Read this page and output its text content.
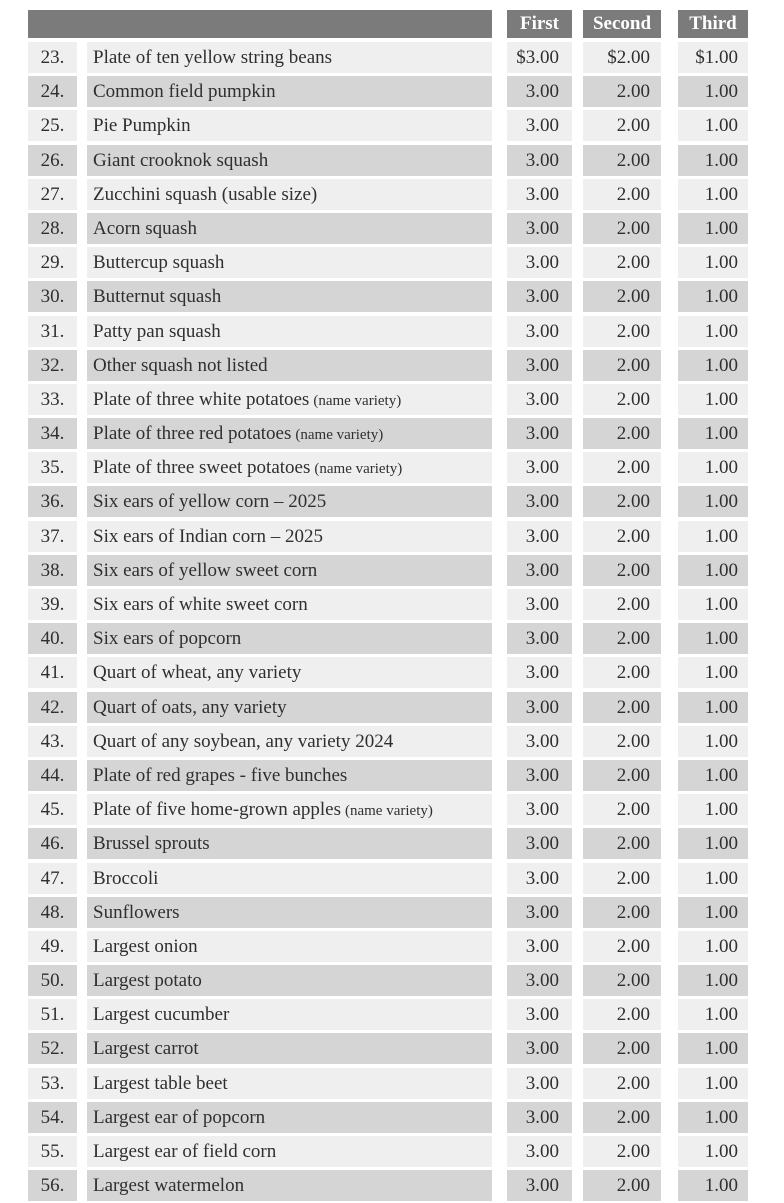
First	Second	Third
23.	Plate of ten yellow string beans	$3.00	$2.00	$1.00
24.	Common field pumpkin	3.00	2.00	1.00
25.	Pie Pumpkin	3.00	2.00	1.00
26.	Giant crooknok squash	3.00	2.00	1.00
27.	Zucchini squash (usable size)	3.00	2.00	1.00
28.	Acorn squash	3.00	2.00	1.00
29.	Buttercup squash	3.00	2.00	1.00
30.	Butternut squash	3.00	2.00	1.00
31.	Patty pan squash	3.00	2.00	1.00
32.	Other squash not listed	3.00	2.00	1.00
33.	Plate of three white potatoes (name variety)	3.00	2.00	1.00
34.	Plate of three red potatoes (name variety)	3.00	2.00	1.00
35.	Plate of three sweet potatoes (name variety)	3.00	2.00	1.00
36.	Six ears of yellow corn – 2025	3.00	2.00	1.00
37.	Six ears of Indian corn – 2025	3.00	2.00	1.00
38.	Six ears of yellow sweet corn	3.00	2.00	1.00
39.	Six ears of white sweet corn	3.00	2.00	1.00
40.	Six ears of popcorn	3.00	2.00	1.00
41.	Quart of wheat, any variety	3.00	2.00	1.00
42.	Quart of oats, any variety	3.00	2.00	1.00
43.	Quart of any soybean, any variety 2024	3.00	2.00	1.00
44.	Plate of red grapes - five bunches	3.00	2.00	1.00
45.	Plate of five home-grown apples (name variety)	3.00	2.00	1.00
46.	Brussel sprouts	3.00	2.00	1.00
47.	Broccoli	3.00	2.00	1.00
48.	Sunflowers	3.00	2.00	1.00
49.	Largest onion	3.00	2.00	1.00
50.	Largest potato	3.00	2.00	1.00
51.	Largest cucumber	3.00	2.00	1.00
52.	Largest carrot	3.00	2.00	1.00
53.	Largest table beet	3.00	2.00	1.00
54.	Largest ear of popcorn	3.00	2.00	1.00
55.	Largest ear of field corn	3.00	2.00	1.00
56.	Largest watermelon	3.00	2.00	1.00
